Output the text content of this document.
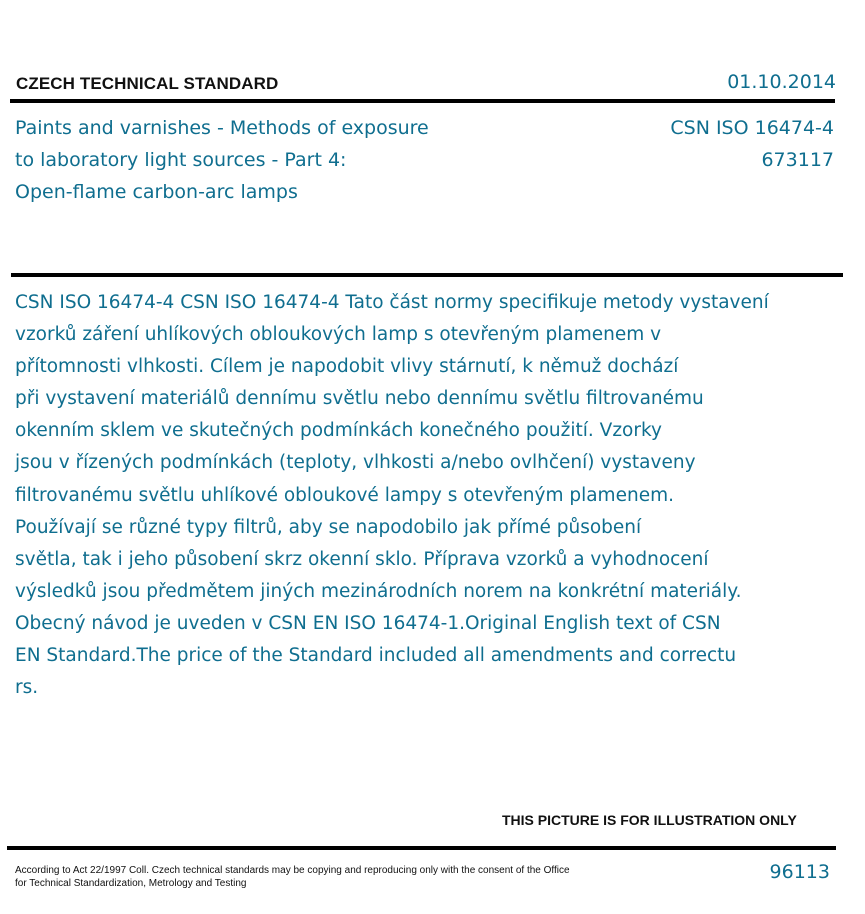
CZECH TECHNICAL STANDARD	01.10.2014
Paints and varnishes - Methods of exposure
to laboratory light sources - Part 4:
Open-flame carbon-arc lamps
CSN ISO 16474-4
673117
CSN ISO 16474-4 CSN ISO 16474-4 Tato část normy specifikuje metody vystavení
vzorků záření uhlíkových obloukových lamp s otevřeným plamenem v
přítomnosti vlhkosti. Cílem je napodobit vlivy stárnutí, k němuž dochází
při vystavení materiálů dennímu světlu nebo dennímu světlu filtrovanému
okenním sklem ve skutečných podmínkách konečného použití. Vzorky
jsou v řízených podmínkách (teploty, vlhkosti a/nebo ovlhčení) vystaveny
filtrovanému světlu uhlíkové obloukové lampy s otevřeným plamenem.
Používají se různé typy filtrů, aby se napodobilo jak přímé působení
světla, tak i jeho působení skrz okenní sklo. Příprava vzorků a vyhodnocení
výsledků jsou předmětem jiných mezinárodních norem na konkrétní materiály.
Obecný návod je uveden v CSN EN ISO 16474-1.Original English text of CSN
EN Standard.The price of the Standard included all amendments and correctu
rs.
THIS PICTURE IS FOR ILLUSTRATION ONLY
According to Act 22/1997 Coll. Czech technical standards may be copying and reproducing only with the consent of the Office
for Technical Standardization, Metrology and Testing
96113
